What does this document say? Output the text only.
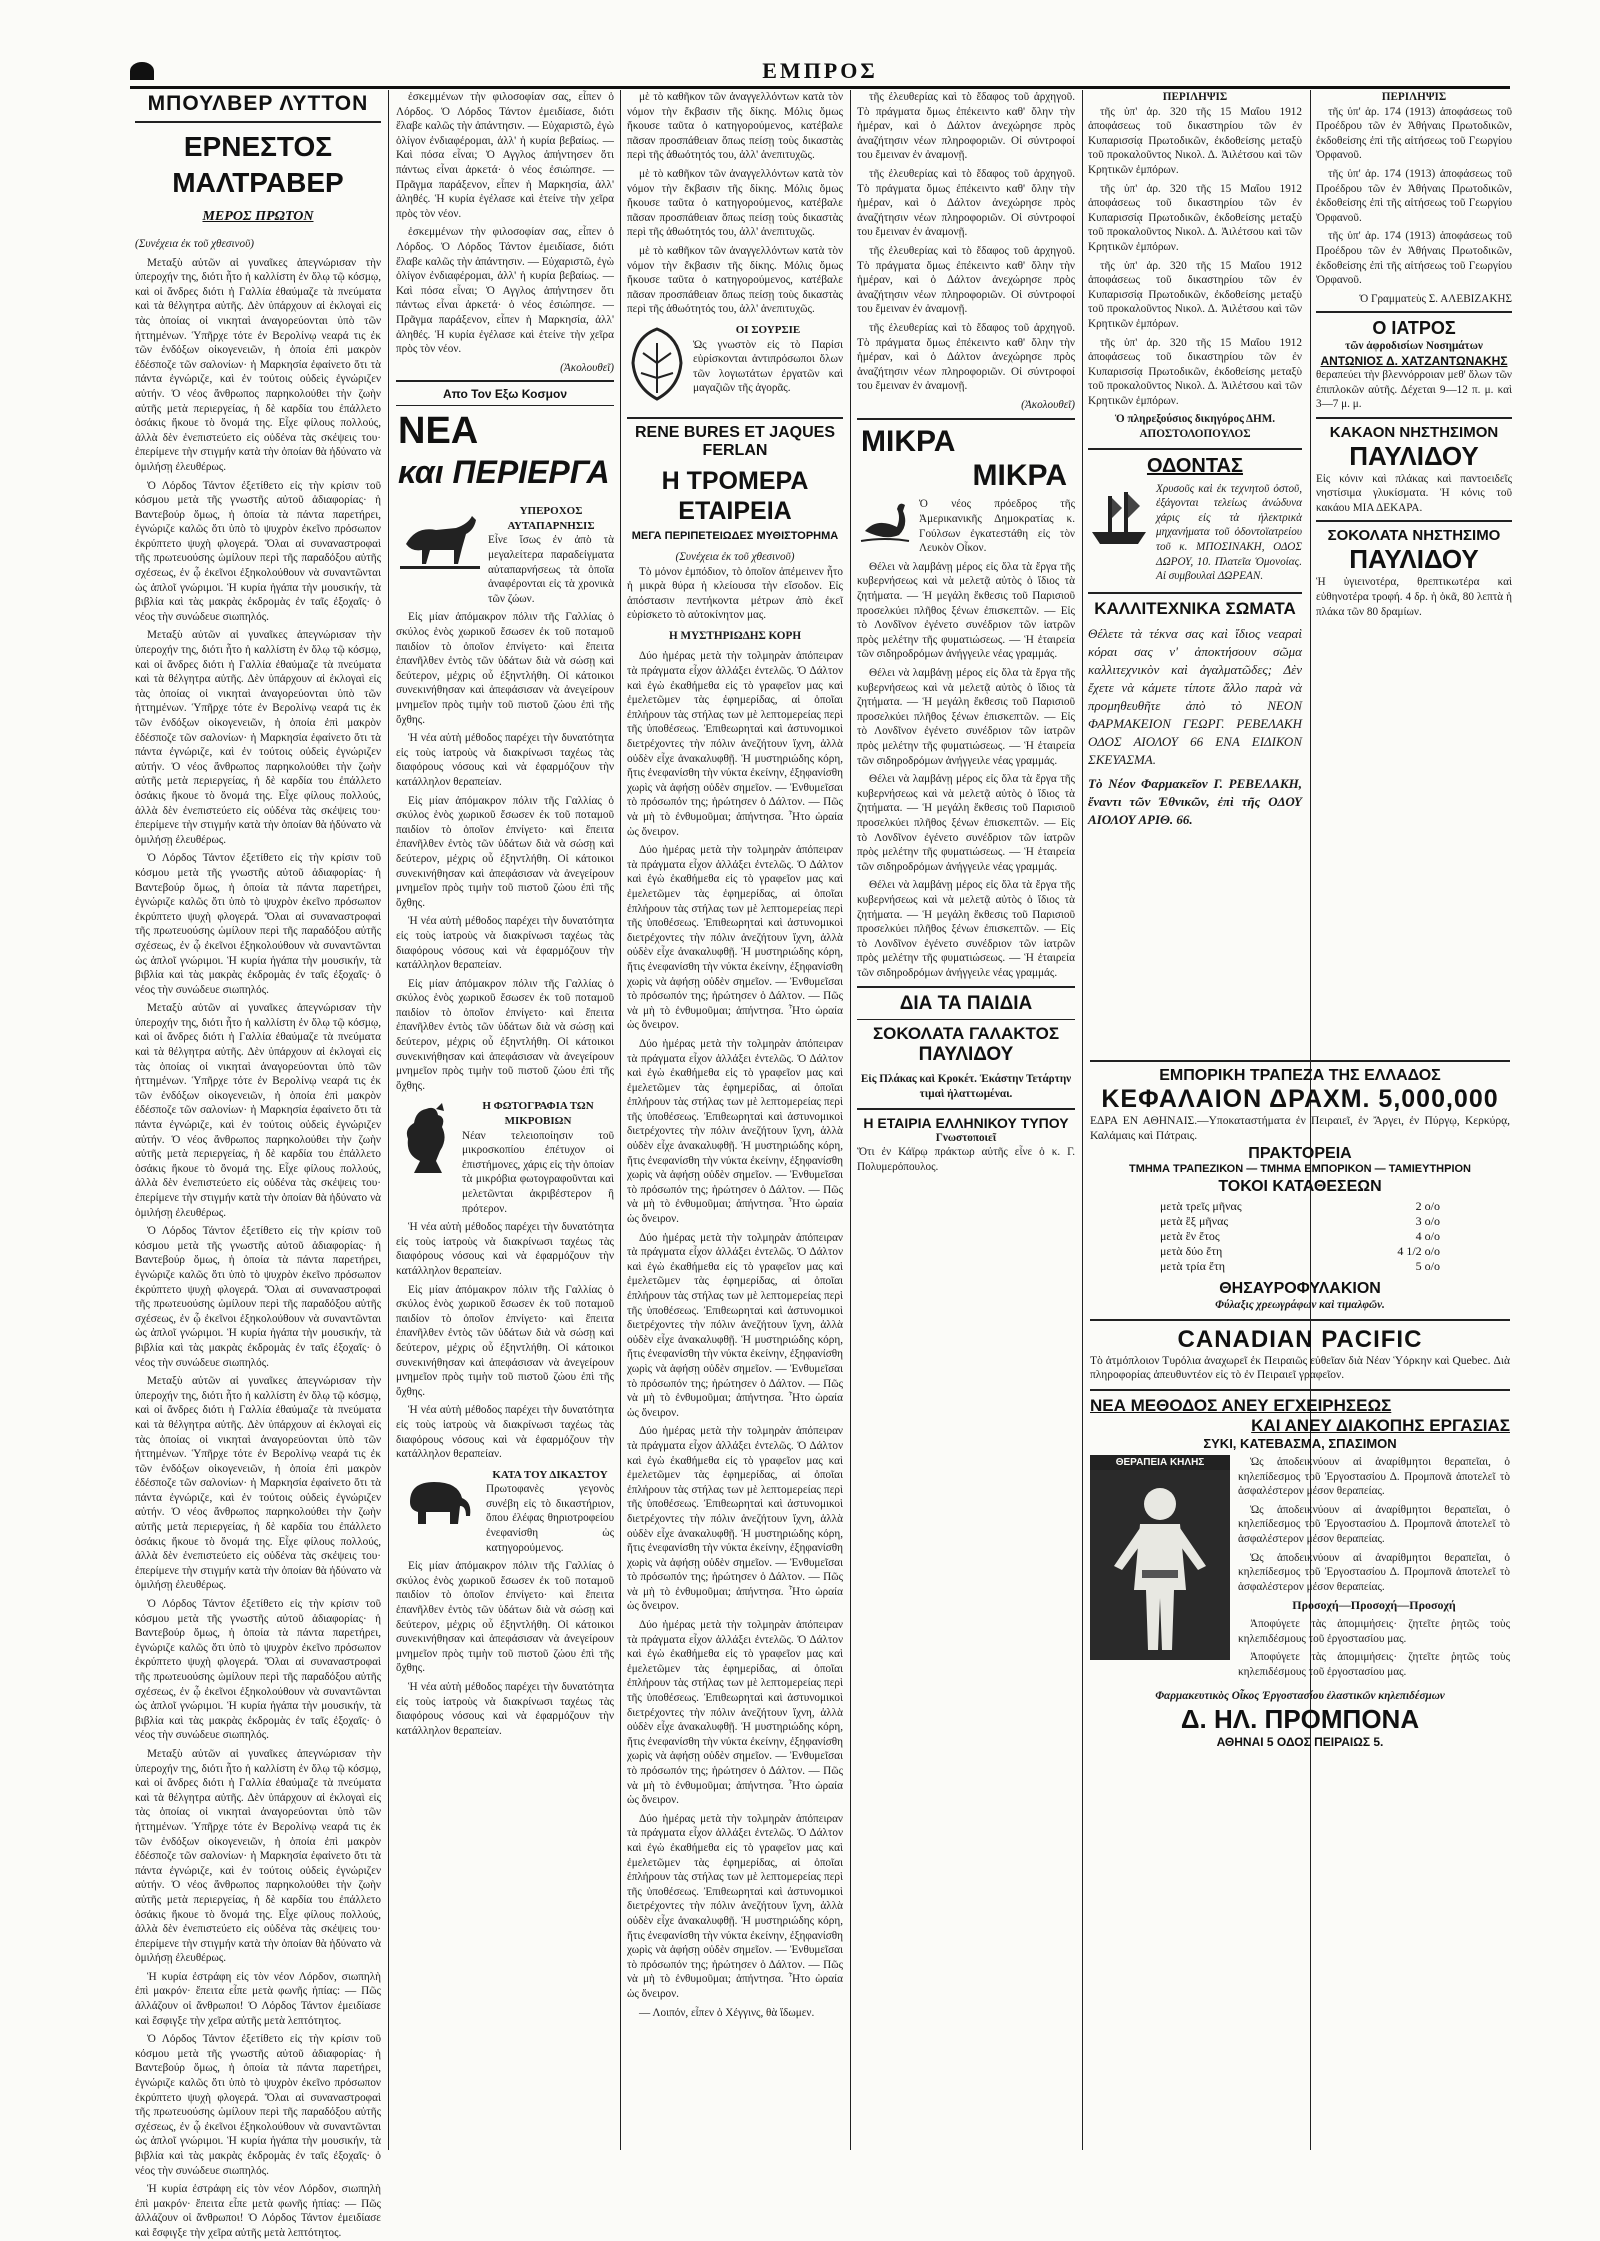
ΕΜΠΡΟΣ
ΜΠΟΥΛΒΕΡ ΛΥΤΤΟΝ
ΕΡΝΕΣΤΟΣ ΜΑΛΤΡΑΒΕΡ
ΜΕΡΟΣ ΠΡΩΤΟΝ
(Συνέχεια ἐκ τοῦ χθεσινοῦ)

Μεταξὺ αὐτῶν αἱ γυναῖκες ἀπεγνώρισαν τὴν ὑπεροχήν της, διότι ἦτο ἡ καλλίστη ἐν ὅλῳ τῷ κόσμῳ, καὶ οἱ ἄνδρες διότι ἡ Γαλλία ἐθαύμαζε τὰ πνεύματα καὶ τὰ θέλγητρα αὐτῆς. Δὲν ὑπάρχουν αἱ ἐκλογαὶ εἰς τὰς ὁποίας οἱ νικηταὶ ἀναγορεύονται ὑπὸ τῶν ἡττημένων. Ὑπῆρχε τότε ἐν Βερολίνῳ νεαρά τις ἐκ τῶν ἐνδόξων οἰκογενειῶν, ἡ ὁποία ἐπὶ μακρὸν ἐδέσποζε τῶν σαλονίων· ἡ Μαρκησία ἐφαίνετο ὅτι τὰ πάντα ἐγνώριζε, καὶ ἐν τούτοις οὐδεὶς ἐγνώριζεν αὐτήν. Ὁ νέος ἄνθρωπος παρηκολούθει τὴν ζωὴν αὐτῆς μετὰ περιεργείας, ἡ δὲ καρδία του ἐπάλλετο ὁσάκις ἤκουε τὸ ὄνομά της. Εἶχε φίλους πολλούς, ἀλλὰ δὲν ἐνεπιστεύετο εἰς οὐδένα τὰς σκέψεις του· ἐπερίμενε τὴν στιγμήν κατὰ τὴν ὁποίαν θὰ ἠδύνατο νὰ ὁμιλήσῃ ἐλευθέρως.

Ὁ Λόρδος Τάντον ἐξετίθετο εἰς τὴν κρίσιν τοῦ κόσμου μετὰ τῆς γνωστῆς αὐτοῦ ἀδιαφορίας· ἡ Βαντεβούρ ὅμως, ἡ ὁποία τὰ πάντα παρετήρει, ἐγνώριζε καλῶς ὅτι ὑπὸ τὸ ψυχρὸν ἐκεῖνο πρόσωπον ἐκρύπτετο ψυχὴ φλογερά. Ὅλαι αἱ συναναστροφαὶ τῆς πρωτευούσης ὡμίλουν περὶ τῆς παραδόξου αὐτῆς σχέσεως, ἐν ᾧ ἐκεῖνοι ἐξηκολούθουν νὰ συναντῶνται ὡς ἁπλοῖ γνώριμοι. Ἡ κυρία ἠγάπα τὴν μουσικήν, τὰ βιβλία καὶ τὰς μακρὰς ἐκδρομὰς ἐν ταῖς ἐξοχαῖς· ὁ νέος τὴν συνώδευε σιωπηλός.

Μεταξὺ αὐτῶν αἱ γυναῖκες ἀπεγνώρισαν τὴν ὑπεροχήν της, διότι ἦτο ἡ καλλίστη ἐν ὅλῳ τῷ κόσμῳ, καὶ οἱ ἄνδρες διότι ἡ Γαλλία ἐθαύμαζε τὰ πνεύματα καὶ τὰ θέλγητρα αὐτῆς. Δὲν ὑπάρχουν αἱ ἐκλογαὶ εἰς τὰς ὁποίας οἱ νικηταὶ ἀναγορεύονται ὑπὸ τῶν ἡττημένων. Ὑπῆρχε τότε ἐν Βερολίνῳ νεαρά τις ἐκ τῶν ἐνδόξων οἰκογενειῶν, ἡ ὁποία ἐπὶ μακρὸν ἐδέσποζε τῶν σαλονίων· ἡ Μαρκησία ἐφαίνετο ὅτι τὰ πάντα ἐγνώριζε, καὶ ἐν τούτοις οὐδεὶς ἐγνώριζεν αὐτήν. Ὁ νέος ἄνθρωπος παρηκολούθει τὴν ζωὴν αὐτῆς μετὰ περιεργείας, ἡ δὲ καρδία του ἐπάλλετο ὁσάκις ἤκουε τὸ ὄνομά της. Εἶχε φίλους πολλούς, ἀλλὰ δὲν ἐνεπιστεύετο εἰς οὐδένα τὰς σκέψεις του· ἐπερίμενε τὴν στιγμήν κατὰ τὴν ὁποίαν θὰ ἠδύνατο νὰ ὁμιλήσῃ ἐλευθέρως.

Ὁ Λόρδος Τάντον ἐξετίθετο εἰς τὴν κρίσιν τοῦ κόσμου μετὰ τῆς γνωστῆς αὐτοῦ ἀδιαφορίας· ἡ Βαντεβούρ ὅμως, ἡ ὁποία τὰ πάντα παρετήρει, ἐγνώριζε καλῶς ὅτι ὑπὸ τὸ ψυχρὸν ἐκεῖνο πρόσωπον ἐκρύπτετο ψυχὴ φλογερά. Ὅλαι αἱ συναναστροφαὶ τῆς πρωτευούσης ὡμίλουν περὶ τῆς παραδόξου αὐτῆς σχέσεως, ἐν ᾧ ἐκεῖνοι ἐξηκολούθουν νὰ συναντῶνται ὡς ἁπλοῖ γνώριμοι. Ἡ κυρία ἠγάπα τὴν μουσικήν, τὰ βιβλία καὶ τὰς μακρὰς ἐκδρομὰς ἐν ταῖς ἐξοχαῖς· ὁ νέος τὴν συνώδευε σιωπηλός.

Μεταξὺ αὐτῶν αἱ γυναῖκες ἀπεγνώρισαν τὴν ὑπεροχήν της, διότι ἦτο ἡ καλλίστη ἐν ὅλῳ τῷ κόσμῳ, καὶ οἱ ἄνδρες διότι ἡ Γαλλία ἐθαύμαζε τὰ πνεύματα καὶ τὰ θέλγητρα αὐτῆς. Δὲν ὑπάρχουν αἱ ἐκλογαὶ εἰς τὰς ὁποίας οἱ νικηταὶ ἀναγορεύονται ὑπὸ τῶν ἡττημένων. Ὑπῆρχε τότε ἐν Βερολίνῳ νεαρά τις ἐκ τῶν ἐνδόξων οἰκογενειῶν, ἡ ὁποία ἐπὶ μακρὸν ἐδέσποζε τῶν σαλονίων· ἡ Μαρκησία ἐφαίνετο ὅτι τὰ πάντα ἐγνώριζε, καὶ ἐν τούτοις οὐδεὶς ἐγνώριζεν αὐτήν. Ὁ νέος ἄνθρωπος παρηκολούθει τὴν ζωὴν αὐτῆς μετὰ περιεργείας, ἡ δὲ καρδία του ἐπάλλετο ὁσάκις ἤκουε τὸ ὄνομά της. Εἶχε φίλους πολλούς, ἀλλὰ δὲν ἐνεπιστεύετο εἰς οὐδένα τὰς σκέψεις του· ἐπερίμενε τὴν στιγμήν κατὰ τὴν ὁποίαν θὰ ἠδύνατο νὰ ὁμιλήσῃ ἐλευθέρως.

Ὁ Λόρδος Τάντον ἐξετίθετο εἰς τὴν κρίσιν τοῦ κόσμου μετὰ τῆς γνωστῆς αὐτοῦ ἀδιαφορίας· ἡ Βαντεβούρ ὅμως, ἡ ὁποία τὰ πάντα παρετήρει, ἐγνώριζε καλῶς ὅτι ὑπὸ τὸ ψυχρὸν ἐκεῖνο πρόσωπον ἐκρύπτετο ψυχὴ φλογερά. Ὅλαι αἱ συναναστροφαὶ τῆς πρωτευούσης ὡμίλουν περὶ τῆς παραδόξου αὐτῆς σχέσεως, ἐν ᾧ ἐκεῖνοι ἐξηκολούθουν νὰ συναντῶνται ὡς ἁπλοῖ γνώριμοι. Ἡ κυρία ἠγάπα τὴν μουσικήν, τὰ βιβλία καὶ τὰς μακρὰς ἐκδρομὰς ἐν ταῖς ἐξοχαῖς· ὁ νέος τὴν συνώδευε σιωπηλός.

Μεταξὺ αὐτῶν αἱ γυναῖκες ἀπεγνώρισαν τὴν ὑπεροχήν της, διότι ἦτο ἡ καλλίστη ἐν ὅλῳ τῷ κόσμῳ, καὶ οἱ ἄνδρες διότι ἡ Γαλλία ἐθαύμαζε τὰ πνεύματα καὶ τὰ θέλγητρα αὐτῆς. Δὲν ὑπάρχουν αἱ ἐκλογαὶ εἰς τὰς ὁποίας οἱ νικηταὶ ἀναγορεύονται ὑπὸ τῶν ἡττημένων. Ὑπῆρχε τότε ἐν Βερολίνῳ νεαρά τις ἐκ τῶν ἐνδόξων οἰκογενειῶν, ἡ ὁποία ἐπὶ μακρὸν ἐδέσποζε τῶν σαλονίων· ἡ Μαρκησία ἐφαίνετο ὅτι τὰ πάντα ἐγνώριζε, καὶ ἐν τούτοις οὐδεὶς ἐγνώριζεν αὐτήν. Ὁ νέος ἄνθρωπος παρηκολούθει τὴν ζωὴν αὐτῆς μετὰ περιεργείας, ἡ δὲ καρδία του ἐπάλλετο ὁσάκις ἤκουε τὸ ὄνομά της. Εἶχε φίλους πολλούς, ἀλλὰ δὲν ἐνεπιστεύετο εἰς οὐδένα τὰς σκέψεις του· ἐπερίμενε τὴν στιγμήν κατὰ τὴν ὁποίαν θὰ ἠδύνατο νὰ ὁμιλήσῃ ἐλευθέρως.

Ὁ Λόρδος Τάντον ἐξετίθετο εἰς τὴν κρίσιν τοῦ κόσμου μετὰ τῆς γνωστῆς αὐτοῦ ἀδιαφορίας· ἡ Βαντεβούρ ὅμως, ἡ ὁποία τὰ πάντα παρετήρει, ἐγνώριζε καλῶς ὅτι ὑπὸ τὸ ψυχρὸν ἐκεῖνο πρόσωπον ἐκρύπτετο ψυχὴ φλογερά. Ὅλαι αἱ συναναστροφαὶ τῆς πρωτευούσης ὡμίλουν περὶ τῆς παραδόξου αὐτῆς σχέσεως, ἐν ᾧ ἐκεῖνοι ἐξηκολούθουν νὰ συναντῶνται ὡς ἁπλοῖ γνώριμοι. Ἡ κυρία ἠγάπα τὴν μουσικήν, τὰ βιβλία καὶ τὰς μακρὰς ἐκδρομὰς ἐν ταῖς ἐξοχαῖς· ὁ νέος τὴν συνώδευε σιωπηλός.

Μεταξὺ αὐτῶν αἱ γυναῖκες ἀπεγνώρισαν τὴν ὑπεροχήν της, διότι ἦτο ἡ καλλίστη ἐν ὅλῳ τῷ κόσμῳ, καὶ οἱ ἄνδρες διότι ἡ Γαλλία ἐθαύμαζε τὰ πνεύματα καὶ τὰ θέλγητρα αὐτῆς. Δὲν ὑπάρχουν αἱ ἐκλογαὶ εἰς τὰς ὁποίας οἱ νικηταὶ ἀναγορεύονται ὑπὸ τῶν ἡττημένων. Ὑπῆρχε τότε ἐν Βερολίνῳ νεαρά τις ἐκ τῶν ἐνδόξων οἰκογενειῶν, ἡ ὁποία ἐπὶ μακρὸν ἐδέσποζε τῶν σαλονίων· ἡ Μαρκησία ἐφαίνετο ὅτι τὰ πάντα ἐγνώριζε, καὶ ἐν τούτοις οὐδεὶς ἐγνώριζεν αὐτήν. Ὁ νέος ἄνθρωπος παρηκολούθει τὴν ζωὴν αὐτῆς μετὰ περιεργείας, ἡ δὲ καρδία του ἐπάλλετο ὁσάκις ἤκουε τὸ ὄνομά της. Εἶχε φίλους πολλούς, ἀλλὰ δὲν ἐνεπιστεύετο εἰς οὐδένα τὰς σκέψεις του· ἐπερίμενε τὴν στιγμήν κατὰ τὴν ὁποίαν θὰ ἠδύνατο νὰ ὁμιλήσῃ ἐλευθέρως.

Ἡ κυρία ἐστράφη εἰς τὸν νέον Λόρδον, σιωπηλὴ ἐπὶ μακρόν· ἔπειτα εἶπε μετὰ φωνῆς ἠπίας: — Πῶς ἀλλάζουν οἱ ἄνθρωποι! Ὁ Λόρδος Τάντον ἐμειδίασε καὶ ἔσφιγξε τὴν χεῖρα αὐτῆς μετὰ λεπτότητος.

Ὁ Λόρδος Τάντον ἐξετίθετο εἰς τὴν κρίσιν τοῦ κόσμου μετὰ τῆς γνωστῆς αὐτοῦ ἀδιαφορίας· ἡ Βαντεβούρ ὅμως, ἡ ὁποία τὰ πάντα παρετήρει, ἐγνώριζε καλῶς ὅτι ὑπὸ τὸ ψυχρὸν ἐκεῖνο πρόσωπον ἐκρύπτετο ψυχὴ φλογερά. Ὅλαι αἱ συναναστροφαὶ τῆς πρωτευούσης ὡμίλουν περὶ τῆς παραδόξου αὐτῆς σχέσεως, ἐν ᾧ ἐκεῖνοι ἐξηκολούθουν νὰ συναντῶνται ὡς ἁπλοῖ γνώριμοι. Ἡ κυρία ἠγάπα τὴν μουσικήν, τὰ βιβλία καὶ τὰς μακρὰς ἐκδρομὰς ἐν ταῖς ἐξοχαῖς· ὁ νέος τὴν συνώδευε σιωπηλός.

Ἡ κυρία ἐστράφη εἰς τὸν νέον Λόρδον, σιωπηλὴ ἐπὶ μακρόν· ἔπειτα εἶπε μετὰ φωνῆς ἠπίας: — Πῶς ἀλλάζουν οἱ ἄνθρωποι! Ὁ Λόρδος Τάντον ἐμειδίασε καὶ ἔσφιγξε τὴν χεῖρα αὐτῆς μετὰ λεπτότητος.

ἐσκεμμένων τὴν φιλοσοφίαν σας, εἶπεν ὁ Λόρδος. Ὁ Λόρδος Τάντον ἐμειδίασε, διότι ἔλαβε καλῶς τὴν ἀπάντησιν. — Εὐχαριστῶ, ἐγὼ ὀλίγον ἐνδιαφέρομαι, ἀλλ' ἡ κυρία βεβαίως. — Καὶ πόσα εἶναι; Ὁ Αγγλος ἀπήντησεν ὅτι πάντως εἶναι ἀρκετά· ὁ νέος ἐσιώπησε. — Πρᾶγμα παράξενον, εἶπεν ἡ Μαρκησία, ἀλλ' ἀληθές. Ἡ κυρία ἐγέλασε καὶ ἐτείνε τὴν χεῖρα πρὸς τὸν νέον.

ἐσκεμμένων τὴν φιλοσοφίαν σας, εἶπεν ὁ Λόρδος. Ὁ Λόρδος Τάντον ἐμειδίασε, διότι ἔλαβε καλῶς τὴν ἀπάντησιν. — Εὐχαριστῶ, ἐγὼ ὀλίγον ἐνδιαφέρομαι, ἀλλ' ἡ κυρία βεβαίως. — Καὶ πόσα εἶναι; Ὁ Αγγλος ἀπήντησεν ὅτι πάντως εἶναι ἀρκετά· ὁ νέος ἐσιώπησε. — Πρᾶγμα παράξενον, εἶπεν ἡ Μαρκησία, ἀλλ' ἀληθές. Ἡ κυρία ἐγέλασε καὶ ἐτείνε τὴν χεῖρα πρὸς τὸν νέον.

(Ἀκολουθεῖ)
Απο Τον Εξω Κοσμον
ΝΕΑ
και ΠΕΡΙΕΡΓΑ
ΥΠΕΡΟΧΟΣ ΑΥΤΑΠΑΡΝΗΣΙΣ
Εἶνε ἴσως ἐν ἀπὸ τὰ μεγαλείτερα παραδείγματα αὐταπαρνήσεως τὰ ὁποῖα ἀναφέρονται εἰς τὰ χρονικὰ τῶν ζώων.

Εἰς μίαν ἀπόμακρον πόλιν τῆς Γαλλίας ὁ σκύλος ἑνὸς χωρικοῦ ἔσωσεν ἐκ τοῦ ποταμοῦ παιδίον τὸ ὁποῖον ἐπνίγετο· καὶ ἔπειτα ἐπανῆλθεν ἐντὸς τῶν ὑδάτων διὰ νὰ σώσῃ καὶ δεύτερον, μέχρις οὗ ἐξηντλήθη. Οἱ κάτοικοι συνεκινήθησαν καὶ ἀπεφάσισαν νὰ ἀνεγείρουν μνημεῖον πρὸς τιμὴν τοῦ πιστοῦ ζώου ἐπὶ τῆς ὄχθης.

Ἡ νέα αὐτὴ μέθοδος παρέχει τὴν δυνατότητα εἰς τοὺς ἰατροὺς νὰ διακρίνωσι ταχέως τὰς διαφόρους νόσους καὶ νὰ ἐφαρμόζουν τὴν κατάλληλον θεραπείαν.

Εἰς μίαν ἀπόμακρον πόλιν τῆς Γαλλίας ὁ σκύλος ἑνὸς χωρικοῦ ἔσωσεν ἐκ τοῦ ποταμοῦ παιδίον τὸ ὁποῖον ἐπνίγετο· καὶ ἔπειτα ἐπανῆλθεν ἐντὸς τῶν ὑδάτων διὰ νὰ σώσῃ καὶ δεύτερον, μέχρις οὗ ἐξηντλήθη. Οἱ κάτοικοι συνεκινήθησαν καὶ ἀπεφάσισαν νὰ ἀνεγείρουν μνημεῖον πρὸς τιμὴν τοῦ πιστοῦ ζώου ἐπὶ τῆς ὄχθης.

Ἡ νέα αὐτὴ μέθοδος παρέχει τὴν δυνατότητα εἰς τοὺς ἰατροὺς νὰ διακρίνωσι ταχέως τὰς διαφόρους νόσους καὶ νὰ ἐφαρμόζουν τὴν κατάλληλον θεραπείαν.

Εἰς μίαν ἀπόμακρον πόλιν τῆς Γαλλίας ὁ σκύλος ἑνὸς χωρικοῦ ἔσωσεν ἐκ τοῦ ποταμοῦ παιδίον τὸ ὁποῖον ἐπνίγετο· καὶ ἔπειτα ἐπανῆλθεν ἐντὸς τῶν ὑδάτων διὰ νὰ σώσῃ καὶ δεύτερον, μέχρις οὗ ἐξηντλήθη. Οἱ κάτοικοι συνεκινήθησαν καὶ ἀπεφάσισαν νὰ ἀνεγείρουν μνημεῖον πρὸς τιμὴν τοῦ πιστοῦ ζώου ἐπὶ τῆς ὄχθης.

Η ΦΩΤΟΓΡΑΦΙΑ ΤΩΝ ΜΙΚΡΟΒΙΩΝ
Νέαν τελειοποίησιν τοῦ μικροσκοπίου ἐπέτυχον οἱ ἐπιστήμονες, χάρις εἰς τὴν ὁποίαν τὰ μικρόβια φωτογραφοῦνται καὶ μελετῶνται ἀκριβέστερον ἢ πρότερον.

Ἡ νέα αὐτὴ μέθοδος παρέχει τὴν δυνατότητα εἰς τοὺς ἰατροὺς νὰ διακρίνωσι ταχέως τὰς διαφόρους νόσους καὶ νὰ ἐφαρμόζουν τὴν κατάλληλον θεραπείαν.

Εἰς μίαν ἀπόμακρον πόλιν τῆς Γαλλίας ὁ σκύλος ἑνὸς χωρικοῦ ἔσωσεν ἐκ τοῦ ποταμοῦ παιδίον τὸ ὁποῖον ἐπνίγετο· καὶ ἔπειτα ἐπανῆλθεν ἐντὸς τῶν ὑδάτων διὰ νὰ σώσῃ καὶ δεύτερον, μέχρις οὗ ἐξηντλήθη. Οἱ κάτοικοι συνεκινήθησαν καὶ ἀπεφάσισαν νὰ ἀνεγείρουν μνημεῖον πρὸς τιμὴν τοῦ πιστοῦ ζώου ἐπὶ τῆς ὄχθης.

Ἡ νέα αὐτὴ μέθοδος παρέχει τὴν δυνατότητα εἰς τοὺς ἰατροὺς νὰ διακρίνωσι ταχέως τὰς διαφόρους νόσους καὶ νὰ ἐφαρμόζουν τὴν κατάλληλον θεραπείαν.

ΚΑΤΑ ΤΟΥ ΔΙΚΑΣΤΟΥ
Πρωτοφανὲς γεγονὸς συνέβη εἰς τὸ δικαστήριον, ὅπου ἐλέφας θηριοτροφείου ἐνεφανίσθη ὡς κατηγορούμενος.

Εἰς μίαν ἀπόμακρον πόλιν τῆς Γαλλίας ὁ σκύλος ἑνὸς χωρικοῦ ἔσωσεν ἐκ τοῦ ποταμοῦ παιδίον τὸ ὁποῖον ἐπνίγετο· καὶ ἔπειτα ἐπανῆλθεν ἐντὸς τῶν ὑδάτων διὰ νὰ σώσῃ καὶ δεύτερον, μέχρις οὗ ἐξηντλήθη. Οἱ κάτοικοι συνεκινήθησαν καὶ ἀπεφάσισαν νὰ ἀνεγείρουν μνημεῖον πρὸς τιμὴν τοῦ πιστοῦ ζώου ἐπὶ τῆς ὄχθης.

Ἡ νέα αὐτὴ μέθοδος παρέχει τὴν δυνατότητα εἰς τοὺς ἰατροὺς νὰ διακρίνωσι ταχέως τὰς διαφόρους νόσους καὶ νὰ ἐφαρμόζουν τὴν κατάλληλον θεραπείαν.

μὲ τὸ καθῆκον τῶν ἀναγγελλόντων κατὰ τὸν νόμον τὴν ἔκβασιν τῆς δίκης. Μόλις ὅμως ἤκουσε ταῦτα ὁ κατηγορούμενος, κατέβαλε πᾶσαν προσπάθειαν ὅπως πείσῃ τοὺς δικαστὰς περὶ τῆς ἀθωότητός του, ἀλλ' ἀνεπιτυχῶς.

μὲ τὸ καθῆκον τῶν ἀναγγελλόντων κατὰ τὸν νόμον τὴν ἔκβασιν τῆς δίκης. Μόλις ὅμως ἤκουσε ταῦτα ὁ κατηγορούμενος, κατέβαλε πᾶσαν προσπάθειαν ὅπως πείσῃ τοὺς δικαστὰς περὶ τῆς ἀθωότητός του, ἀλλ' ἀνεπιτυχῶς.

μὲ τὸ καθῆκον τῶν ἀναγγελλόντων κατὰ τὸν νόμον τὴν ἔκβασιν τῆς δίκης. Μόλις ὅμως ἤκουσε ταῦτα ὁ κατηγορούμενος, κατέβαλε πᾶσαν προσπάθειαν ὅπως πείσῃ τοὺς δικαστὰς περὶ τῆς ἀθωότητός του, ἀλλ' ἀνεπιτυχῶς.

ΟΙ ΣΟΥΡΣΙΕ
Ὡς γνωστὸν εἰς τὸ Παρίσι εὑρίσκονται ἀντιπρόσωποι ὅλων τῶν λογιωτάτων ἐργατῶν καὶ μαγαζιῶν τῆς ἀγορᾶς.
RENE BURES ET JAQUES FERLAN
Η ΤΡΟΜΕΡΑ ΕΤΑΙΡΕΙΑ
ΜΕΓΑ ΠΕΡΙΠΕΤΕΙΩΔΕΣ ΜΥΘΙΣΤΟΡΗΜΑ
(Συνέχεια ἐκ τοῦ χθεσινοῦ)

Τὸ μόνον ἐμπόδιον, τὸ ὁποῖον ἀπέμεινεν ἦτο ἡ μικρὰ θύρα ἡ κλείουσα τὴν εἴσοδον. Εἰς ἀπόστασιν πεντήκοντα μέτρων ἀπὸ ἐκεῖ εὑρίσκετο τὸ αὐτοκίνητον μας.

Η ΜΥΣΤΗΡΙΩΔΗΣ ΚΟΡΗ

Δύο ἡμέρας μετὰ τὴν τολμηρὰν ἀπόπειραν τὰ πράγματα εἶχον ἀλλάξει ἐντελῶς. Ὁ Δάλτον καὶ ἐγὼ ἐκαθήμεθα εἰς τὸ γραφεῖον μας καὶ ἐμελετῶμεν τὰς ἐφημερίδας, αἱ ὁποῖαι ἐπλήρουν τὰς στήλας των μὲ λεπτομερείας περὶ τῆς ὑποθέσεως. Ἐπιθεωρηταὶ καὶ ἀστυνομικοὶ διετρέχοντες τὴν πόλιν ἀνεζήτουν ἴχνη, ἀλλὰ οὐδὲν εἶχε ἀνακαλυφθῇ. Ἡ μυστηριώδης κόρη, ἥτις ἐνεφανίσθη τὴν νύκτα ἐκείνην, ἐξηφανίσθη χωρὶς νὰ ἀφήσῃ οὐδὲν σημεῖον. — Ἐνθυμεῖσαι τὸ πρόσωπόν της; ἠρώτησεν ὁ Δάλτον. — Πῶς νὰ μὴ τὸ ἐνθυμοῦμαι; ἀπήντησα. Ἦτο ὡραία ὡς ὄνειρον.

Δύο ἡμέρας μετὰ τὴν τολμηρὰν ἀπόπειραν τὰ πράγματα εἶχον ἀλλάξει ἐντελῶς. Ὁ Δάλτον καὶ ἐγὼ ἐκαθήμεθα εἰς τὸ γραφεῖον μας καὶ ἐμελετῶμεν τὰς ἐφημερίδας, αἱ ὁποῖαι ἐπλήρουν τὰς στήλας των μὲ λεπτομερείας περὶ τῆς ὑποθέσεως. Ἐπιθεωρηταὶ καὶ ἀστυνομικοὶ διετρέχοντες τὴν πόλιν ἀνεζήτουν ἴχνη, ἀλλὰ οὐδὲν εἶχε ἀνακαλυφθῇ. Ἡ μυστηριώδης κόρη, ἥτις ἐνεφανίσθη τὴν νύκτα ἐκείνην, ἐξηφανίσθη χωρὶς νὰ ἀφήσῃ οὐδὲν σημεῖον. — Ἐνθυμεῖσαι τὸ πρόσωπόν της; ἠρώτησεν ὁ Δάλτον. — Πῶς νὰ μὴ τὸ ἐνθυμοῦμαι; ἀπήντησα. Ἦτο ὡραία ὡς ὄνειρον.

Δύο ἡμέρας μετὰ τὴν τολμηρὰν ἀπόπειραν τὰ πράγματα εἶχον ἀλλάξει ἐντελῶς. Ὁ Δάλτον καὶ ἐγὼ ἐκαθήμεθα εἰς τὸ γραφεῖον μας καὶ ἐμελετῶμεν τὰς ἐφημερίδας, αἱ ὁποῖαι ἐπλήρουν τὰς στήλας των μὲ λεπτομερείας περὶ τῆς ὑποθέσεως. Ἐπιθεωρηταὶ καὶ ἀστυνομικοὶ διετρέχοντες τὴν πόλιν ἀνεζήτουν ἴχνη, ἀλλὰ οὐδὲν εἶχε ἀνακαλυφθῇ. Ἡ μυστηριώδης κόρη, ἥτις ἐνεφανίσθη τὴν νύκτα ἐκείνην, ἐξηφανίσθη χωρὶς νὰ ἀφήσῃ οὐδὲν σημεῖον. — Ἐνθυμεῖσαι τὸ πρόσωπόν της; ἠρώτησεν ὁ Δάλτον. — Πῶς νὰ μὴ τὸ ἐνθυμοῦμαι; ἀπήντησα. Ἦτο ὡραία ὡς ὄνειρον.

Δύο ἡμέρας μετὰ τὴν τολμηρὰν ἀπόπειραν τὰ πράγματα εἶχον ἀλλάξει ἐντελῶς. Ὁ Δάλτον καὶ ἐγὼ ἐκαθήμεθα εἰς τὸ γραφεῖον μας καὶ ἐμελετῶμεν τὰς ἐφημερίδας, αἱ ὁποῖαι ἐπλήρουν τὰς στήλας των μὲ λεπτομερείας περὶ τῆς ὑποθέσεως. Ἐπιθεωρηταὶ καὶ ἀστυνομικοὶ διετρέχοντες τὴν πόλιν ἀνεζήτουν ἴχνη, ἀλλὰ οὐδὲν εἶχε ἀνακαλυφθῇ. Ἡ μυστηριώδης κόρη, ἥτις ἐνεφανίσθη τὴν νύκτα ἐκείνην, ἐξηφανίσθη χωρὶς νὰ ἀφήσῃ οὐδὲν σημεῖον. — Ἐνθυμεῖσαι τὸ πρόσωπόν της; ἠρώτησεν ὁ Δάλτον. — Πῶς νὰ μὴ τὸ ἐνθυμοῦμαι; ἀπήντησα. Ἦτο ὡραία ὡς ὄνειρον.

Δύο ἡμέρας μετὰ τὴν τολμηρὰν ἀπόπειραν τὰ πράγματα εἶχον ἀλλάξει ἐντελῶς. Ὁ Δάλτον καὶ ἐγὼ ἐκαθήμεθα εἰς τὸ γραφεῖον μας καὶ ἐμελετῶμεν τὰς ἐφημερίδας, αἱ ὁποῖαι ἐπλήρουν τὰς στήλας των μὲ λεπτομερείας περὶ τῆς ὑποθέσεως. Ἐπιθεωρηταὶ καὶ ἀστυνομικοὶ διετρέχοντες τὴν πόλιν ἀνεζήτουν ἴχνη, ἀλλὰ οὐδὲν εἶχε ἀνακαλυφθῇ. Ἡ μυστηριώδης κόρη, ἥτις ἐνεφανίσθη τὴν νύκτα ἐκείνην, ἐξηφανίσθη χωρὶς νὰ ἀφήσῃ οὐδὲν σημεῖον. — Ἐνθυμεῖσαι τὸ πρόσωπόν της; ἠρώτησεν ὁ Δάλτον. — Πῶς νὰ μὴ τὸ ἐνθυμοῦμαι; ἀπήντησα. Ἦτο ὡραία ὡς ὄνειρον.

Δύο ἡμέρας μετὰ τὴν τολμηρὰν ἀπόπειραν τὰ πράγματα εἶχον ἀλλάξει ἐντελῶς. Ὁ Δάλτον καὶ ἐγὼ ἐκαθήμεθα εἰς τὸ γραφεῖον μας καὶ ἐμελετῶμεν τὰς ἐφημερίδας, αἱ ὁποῖαι ἐπλήρουν τὰς στήλας των μὲ λεπτομερείας περὶ τῆς ὑποθέσεως. Ἐπιθεωρηταὶ καὶ ἀστυνομικοὶ διετρέχοντες τὴν πόλιν ἀνεζήτουν ἴχνη, ἀλλὰ οὐδὲν εἶχε ἀνακαλυφθῇ. Ἡ μυστηριώδης κόρη, ἥτις ἐνεφανίσθη τὴν νύκτα ἐκείνην, ἐξηφανίσθη χωρὶς νὰ ἀφήσῃ οὐδὲν σημεῖον. — Ἐνθυμεῖσαι τὸ πρόσωπόν της; ἠρώτησεν ὁ Δάλτον. — Πῶς νὰ μὴ τὸ ἐνθυμοῦμαι; ἀπήντησα. Ἦτο ὡραία ὡς ὄνειρον.

Δύο ἡμέρας μετὰ τὴν τολμηρὰν ἀπόπειραν τὰ πράγματα εἶχον ἀλλάξει ἐντελῶς. Ὁ Δάλτον καὶ ἐγὼ ἐκαθήμεθα εἰς τὸ γραφεῖον μας καὶ ἐμελετῶμεν τὰς ἐφημερίδας, αἱ ὁποῖαι ἐπλήρουν τὰς στήλας των μὲ λεπτομερείας περὶ τῆς ὑποθέσεως. Ἐπιθεωρηταὶ καὶ ἀστυνομικοὶ διετρέχοντες τὴν πόλιν ἀνεζήτουν ἴχνη, ἀλλὰ οὐδὲν εἶχε ἀνακαλυφθῇ. Ἡ μυστηριώδης κόρη, ἥτις ἐνεφανίσθη τὴν νύκτα ἐκείνην, ἐξηφανίσθη χωρὶς νὰ ἀφήσῃ οὐδὲν σημεῖον. — Ἐνθυμεῖσαι τὸ πρόσωπόν της; ἠρώτησεν ὁ Δάλτον. — Πῶς νὰ μὴ τὸ ἐνθυμοῦμαι; ἀπήντησα. Ἦτο ὡραία ὡς ὄνειρον.

— Λοιπόν, εἶπεν ὁ Χέγγινς, θὰ ἴδωμεν.

τῆς ἐλευθερίας καὶ τὸ ἔδαφος τοῦ ἀρχηγοῦ. Τὸ πράγματα ὅμως ἐπέκειντο καθ' ὅλην τὴν ἡμέραν, καὶ ὁ Δάλτον ἀνεχώρησε πρὸς ἀναζήτησιν νέων πληροφοριῶν. Οἱ σύντροφοί του ἔμειναν ἐν ἀναμονῇ.

τῆς ἐλευθερίας καὶ τὸ ἔδαφος τοῦ ἀρχηγοῦ. Τὸ πράγματα ὅμως ἐπέκειντο καθ' ὅλην τὴν ἡμέραν, καὶ ὁ Δάλτον ἀνεχώρησε πρὸς ἀναζήτησιν νέων πληροφοριῶν. Οἱ σύντροφοί του ἔμειναν ἐν ἀναμονῇ.

τῆς ἐλευθερίας καὶ τὸ ἔδαφος τοῦ ἀρχηγοῦ. Τὸ πράγματα ὅμως ἐπέκειντο καθ' ὅλην τὴν ἡμέραν, καὶ ὁ Δάλτον ἀνεχώρησε πρὸς ἀναζήτησιν νέων πληροφοριῶν. Οἱ σύντροφοί του ἔμειναν ἐν ἀναμονῇ.

τῆς ἐλευθερίας καὶ τὸ ἔδαφος τοῦ ἀρχηγοῦ. Τὸ πράγματα ὅμως ἐπέκειντο καθ' ὅλην τὴν ἡμέραν, καὶ ὁ Δάλτον ἀνεχώρησε πρὸς ἀναζήτησιν νέων πληροφοριῶν. Οἱ σύντροφοί του ἔμειναν ἐν ἀναμονῇ.

(Ἀκολουθεῖ)
ΜΙΚΡΑ
ΜΙΚΡΑ
Ὁ νέος πρόεδρος τῆς Ἀμερικανικῆς Δημοκρατίας κ. Γούλσων ἐγκατεστάθη εἰς τὸν Λευκὸν Οἶκον.

Θέλει νὰ λαμβάνῃ μέρος εἰς ὅλα τὰ ἔργα τῆς κυβερνήσεως καὶ νὰ μελετᾷ αὐτὸς ὁ ἴδιος τὰ ζητήματα. — Ἡ μεγάλη ἔκθεσις τοῦ Παρισιοῦ προσελκύει πλῆθος ξένων ἐπισκεπτῶν. — Εἰς τὸ Λονδῖνον ἐγένετο συνέδριον τῶν ἰατρῶν πρὸς μελέτην τῆς φυματιώσεως. — Ἡ ἐταιρεία τῶν σιδηροδρόμων ἀνήγγειλε νέας γραμμάς.

Θέλει νὰ λαμβάνῃ μέρος εἰς ὅλα τὰ ἔργα τῆς κυβερνήσεως καὶ νὰ μελετᾷ αὐτὸς ὁ ἴδιος τὰ ζητήματα. — Ἡ μεγάλη ἔκθεσις τοῦ Παρισιοῦ προσελκύει πλῆθος ξένων ἐπισκεπτῶν. — Εἰς τὸ Λονδῖνον ἐγένετο συνέδριον τῶν ἰατρῶν πρὸς μελέτην τῆς φυματιώσεως. — Ἡ ἐταιρεία τῶν σιδηροδρόμων ἀνήγγειλε νέας γραμμάς.

Θέλει νὰ λαμβάνῃ μέρος εἰς ὅλα τὰ ἔργα τῆς κυβερνήσεως καὶ νὰ μελετᾷ αὐτὸς ὁ ἴδιος τὰ ζητήματα. — Ἡ μεγάλη ἔκθεσις τοῦ Παρισιοῦ προσελκύει πλῆθος ξένων ἐπισκεπτῶν. — Εἰς τὸ Λονδῖνον ἐγένετο συνέδριον τῶν ἰατρῶν πρὸς μελέτην τῆς φυματιώσεως. — Ἡ ἐταιρεία τῶν σιδηροδρόμων ἀνήγγειλε νέας γραμμάς.

Θέλει νὰ λαμβάνῃ μέρος εἰς ὅλα τὰ ἔργα τῆς κυβερνήσεως καὶ νὰ μελετᾷ αὐτὸς ὁ ἴδιος τὰ ζητήματα. — Ἡ μεγάλη ἔκθεσις τοῦ Παρισιοῦ προσελκύει πλῆθος ξένων ἐπισκεπτῶν. — Εἰς τὸ Λονδῖνον ἐγένετο συνέδριον τῶν ἰατρῶν πρὸς μελέτην τῆς φυματιώσεως. — Ἡ ἐταιρεία τῶν σιδηροδρόμων ἀνήγγειλε νέας γραμμάς.

ΔΙΑ ΤΑ ΠΑΙΔΙΑ
ΣΟΚΟΛΑΤΑ ΓΑΛΑΚΤΟΣ
ΠΑΥΛΙΔΟΥ
Εἰς Πλάκας καὶ Κροκέτ. Ἑκάστην Τετάρτην τιμαὶ ἠλαττωμέναι.
Η ΕΤΑΙΡΙΑ ΕΛΛΗΝΙΚΟΥ ΤΥΠΟΥ
Γνωστοποιεῖ
Ὅτι ἐν Κάϊρῳ πράκτωρ αὐτῆς εἶνε ὁ κ. Γ. Πολυμερόπουλος.
ΠΕΡΙΛΗΨΙΣ

τῆς ὑπ' ἀρ. 320 τῆς 15 Μαΐου 1912 ἀποφάσεως τοῦ δικαστηρίου τῶν ἐν Κυπαρισσίᾳ Πρωτοδικῶν, ἐκδοθείσης μεταξὺ τοῦ προκαλοῦντος Νικολ. Δ. Ἀιλέτσου καὶ τῶν Κρητικῶν ἐμπόρων.

τῆς ὑπ' ἀρ. 320 τῆς 15 Μαΐου 1912 ἀποφάσεως τοῦ δικαστηρίου τῶν ἐν Κυπαρισσίᾳ Πρωτοδικῶν, ἐκδοθείσης μεταξὺ τοῦ προκαλοῦντος Νικολ. Δ. Ἀιλέτσου καὶ τῶν Κρητικῶν ἐμπόρων.

τῆς ὑπ' ἀρ. 320 τῆς 15 Μαΐου 1912 ἀποφάσεως τοῦ δικαστηρίου τῶν ἐν Κυπαρισσίᾳ Πρωτοδικῶν, ἐκδοθείσης μεταξὺ τοῦ προκαλοῦντος Νικολ. Δ. Ἀιλέτσου καὶ τῶν Κρητικῶν ἐμπόρων.

τῆς ὑπ' ἀρ. 320 τῆς 15 Μαΐου 1912 ἀποφάσεως τοῦ δικαστηρίου τῶν ἐν Κυπαρισσίᾳ Πρωτοδικῶν, ἐκδοθείσης μεταξὺ τοῦ προκαλοῦντος Νικολ. Δ. Ἀιλέτσου καὶ τῶν Κρητικῶν ἐμπόρων.

Ὁ πληρεξούσιος δικηγόρος ΔΗΜ. ΑΠΟΣΤΟΛΟΠΟΥΛΟΣ
ΟΔΟΝΤΑΣ
Χρυσοῦς καὶ ἐκ τεχνητοῦ ὀστοῦ, ἐξάγονται τελείως ἀνώδυνα χάρις εἰς τὰ ἠλεκτρικὰ μηχανήματα τοῦ ὀδοντοϊατρείου τοῦ κ. ΜΠΟΣΙΝΑΚΗ, ΟΔΟΣ ΔΩΡΟΥ, 10. Πλατεῖα Ὁμονοίας. Αἱ συμβουλαὶ ΔΩΡΕΑΝ.
ΚΑΛΛΙΤΕΧΝΙΚΑ ΣΩΜΑΤΑ
Θέλετε τὰ τέκνα σας καὶ ἴδιος νεαραὶ κόραι σας ν' ἀποκτήσουν σῶμα καλλιτεχνικὸν καὶ ἀγαλματῶδες; Δὲν ἔχετε νὰ κάμετε τίποτε ἄλλο παρὰ νὰ προμηθευθῆτε ἀπὸ τὸ ΝΕΟΝ ΦΑΡΜΑΚΕΙΟΝ ΓΕΩΡΓ. ΡΕΒΕΛΑΚΗ ΟΔΟΣ ΑΙΟΛΟΥ 66 ΕΝΑ ΕΙΔΙΚΟΝ ΣΚΕΥΑΣΜΑ.
Τὸ Νέον Φαρμακεῖον Γ. ΡΕΒΕΛΑΚΗ, ἔναντι τῶν Ἐθνικῶν, ἐπὶ τῆς ΟΔΟΥ ΑΙΟΛΟΥ ΑΡΙΘ. 66.
ΠΕΡΙΛΗΨΙΣ

τῆς ὑπ' ἀρ. 174 (1913) ἀποφάσεως τοῦ Προέδρου τῶν ἐν Ἀθήναις Πρωτοδικῶν, ἐκδοθείσης ἐπὶ τῆς αἰτήσεως τοῦ Γεωργίου Ὀρφανοῦ.

τῆς ὑπ' ἀρ. 174 (1913) ἀποφάσεως τοῦ Προέδρου τῶν ἐν Ἀθήναις Πρωτοδικῶν, ἐκδοθείσης ἐπὶ τῆς αἰτήσεως τοῦ Γεωργίου Ὀρφανοῦ.

τῆς ὑπ' ἀρ. 174 (1913) ἀποφάσεως τοῦ Προέδρου τῶν ἐν Ἀθήναις Πρωτοδικῶν, ἐκδοθείσης ἐπὶ τῆς αἰτήσεως τοῦ Γεωργίου Ὀρφανοῦ.

Ὁ Γραμματεὺς Σ. ΑΛΕΒΙΖΑΚΗΣ
Ο ΙΑΤΡΟΣ
τῶν ἀφροδισίων Νοσημάτων
ΑΝΤΩΝΙΟΣ Δ. ΧΑΤΖΑΝΤΩΝΑΚΗΣ
θεραπεύει τὴν βλεννόρροιαν μεθ' ὅλων τῶν ἐπιπλοκῶν αὐτῆς. Δέχεται 9—12 π. μ. καὶ 3—7 μ. μ.
ΚΑΚΑΟΝ ΝΗΣΤΗΣΙΜΟΝ
ΠΑΥΛΙΔΟΥ
Εἰς κόνιν καὶ πλάκας καὶ παντοειδεῖς νηστίσιμα γλυκίσματα. Ἡ κόνις τοῦ κακάου ΜΙΑ ΔΕΚΑΡΑ.
ΣΟΚΟΛΑΤΑ ΝΗΣΤΗΣΙΜΟ
ΠΑΥΛΙΔΟΥ
Ἡ ὑγιεινοτέρα, θρεπτικωτέρα καὶ εὐθηνοτέρα τροφή. 4 δρ. ἡ ὀκᾶ, 80 λεπτὰ ἡ πλάκα τῶν 80 δραμίων.
ΕΜΠΟΡΙΚΗ ΤΡΑΠΕΖΑ ΤΗΣ ΕΛΛΑΔΟΣ
ΚΕΦΑΛΑΙΟΝ ΔΡΑΧΜ. 5,000,000
ΕΔΡΑ ΕΝ ΑΘΗΝΑΙΣ.—Υποκαταστήματα ἐν Πειραιεῖ, ἐν Ἄργει, ἐν Πύργῳ, Κερκύρᾳ, Καλάμαις καὶ Πάτραις.
ΠΡΑΚΤΟΡΕΙΑ
ΤΜΗΜΑ ΤΡΑΠΕΖΙΚΟΝ — ΤΜΗΜΑ ΕΜΠΟΡΙΚΟΝ — ΤΑΜΙΕΥΤΗΡΙΟΝ
ΤΟΚΟΙ ΚΑΤΑΘΕΣΕΩΝ
μετὰ τρεῖς μῆνας	2 ο/ο
μετὰ ἓξ μῆνας	3 ο/ο
μετὰ ἓν ἔτος	4 ο/ο
μετὰ δύο ἔτη	4 1/2 ο/ο
μετὰ τρία ἔτη	5 ο/ο
ΘΗΣΑΥΡΟΦΥΛΑΚΙΟΝ
Φύλαξις χρεωγράφων καὶ τιμαλφῶν.
CANADIAN PACIFIC
Τὸ ἀτμόπλοιον Τυρόλια ἀναχωρεῖ ἐκ Πειραιῶς εὐθεῖαν διὰ Νέαν Ὑόρκην καὶ Quebec. Διὰ πληροφορίας ἀπευθυντέον εἰς τὸ ἐν Πειραιεῖ γραφεῖον.
ΝΕΑ ΜΕΘΟΔΟΣ ΑΝΕΥ ΕΓΧΕΙΡΗΣΕΩΣ
ΚΑΙ ΑΝΕΥ ΔΙΑΚΟΠΗΣ ΕΡΓΑΣΙΑΣ
ΣΥΚΙ, ΚΑΤΕΒΑΣΜΑ, ΣΠΑΣΙΜΟΝ
ΘΕΡΑΠΕΙΑ ΚΗΛΗΣ	Ὡς ἀποδεικνύουν αἱ ἀναρίθμητοι θεραπεῖαι, ὁ κηλεπίδεσμος τοῦ Ἐργοστασίου Δ. Προμπονᾶ ἀποτελεῖ τὸ ἀσφαλέστερον μέσον θεραπείας.

Ὡς ἀποδεικνύουν αἱ ἀναρίθμητοι θεραπεῖαι, ὁ κηλεπίδεσμος τοῦ Ἐργοστασίου Δ. Προμπονᾶ ἀποτελεῖ τὸ ἀσφαλέστερον μέσον θεραπείας.

Ὡς ἀποδεικνύουν αἱ ἀναρίθμητοι θεραπεῖαι, ὁ κηλεπίδεσμος τοῦ Ἐργοστασίου Δ. Προμπονᾶ ἀποτελεῖ τὸ ἀσφαλέστερον μέσον θεραπείας.

Προσοχή—Προσοχή—Προσοχή

Ἀποφύγετε τὰς ἀπομιμήσεις· ζητεῖτε ῥητῶς τοὺς κηλεπιδέσμους τοῦ ἐργοστασίου μας.

Ἀποφύγετε τὰς ἀπομιμήσεις· ζητεῖτε ῥητῶς τοὺς κηλεπιδέσμους τοῦ ἐργοστασίου μας.

Φαρμακευτικὸς Οἶκος Ἐργοστασίου ἐλαστικῶν κηλεπιδέσμων
Δ. ΗΛ. ΠΡΟΜΠΟΝΑ
ΑΘΗΝΑΙ 5 ΟΔΟΣ ΠΕΙΡΑΙΩΣ 5.
